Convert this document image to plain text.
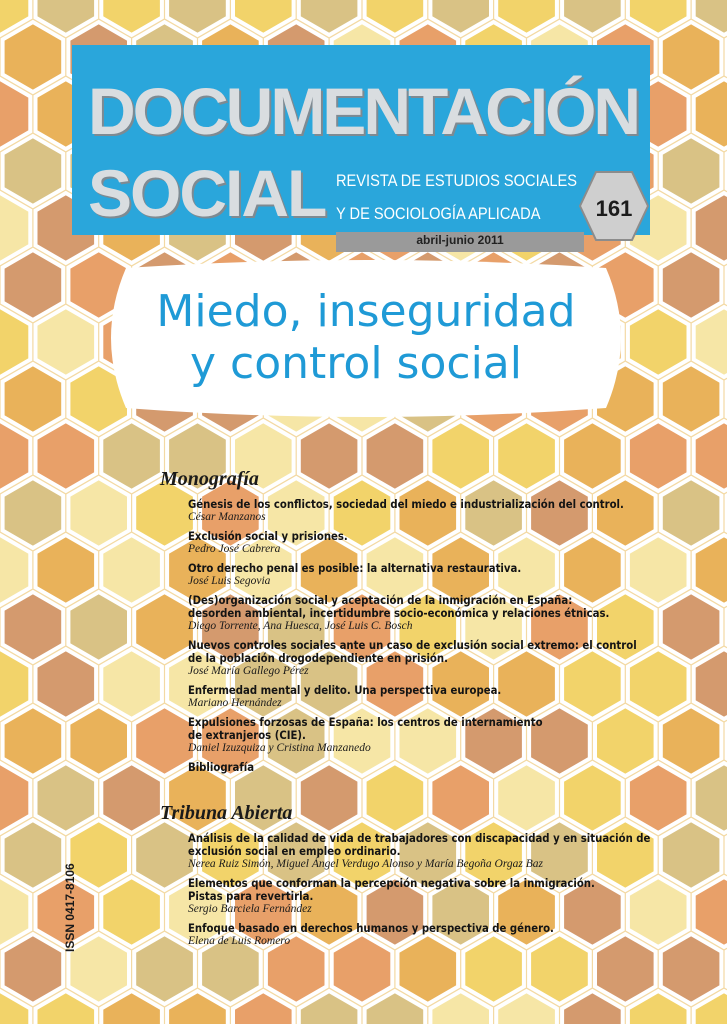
DOCUMENTACIÓN
SOCIAL REVISTA DE ESTUDIOS SOCIALES
Y DE SOCIOLOGÍA APLICADA	161
abril-junio 2011
Miedo, inseguridad
y control social
Monografía
Génesis de los conflictos, sociedad del miedo e industrialización del control.
César Manzanos
Exclusión social y prisiones.
Pedro José Cabrera
Otro derecho penal es posible: la alternativa restaurativa.
José Luis Segovia
(Des)organización social y aceptación de la inmigración en España:
desorden ambiental, incertidumbre socio-económica y relaciones étnicas.
Diego Torrente, Ana Huesca, José Luis C. Bosch
Nuevos controles sociales ante un caso de exclusión social extremo: el control
de la población drogodependiente en prisión.
José María Gallego Pérez
Enfermedad mental y delito. Una perspectiva europea.
Mariano Hernández
Expulsiones forzosas de España: los centros de internamiento
de extranjeros (CIE).
Daniel Izuzquiza y Cristina Manzanedo
Bibliografía
Tribuna Abierta
Análisis de la calidad de vida de trabajadores con discapacidad y en situación de
exclusión social en empleo ordinario.
Nerea Ruiz Simón, Miguel Ángel Verdugo Alonso y María Begoña Orgaz Baz
Elementos que conforman la percepción negativa sobre la inmigración.
Pistas para revertirla.
Sergio Barciela Fernández
Enfoque basado en derechos humanos y perspectiva de género.
Elena de Luis Romero
ISSN 0417-8106
